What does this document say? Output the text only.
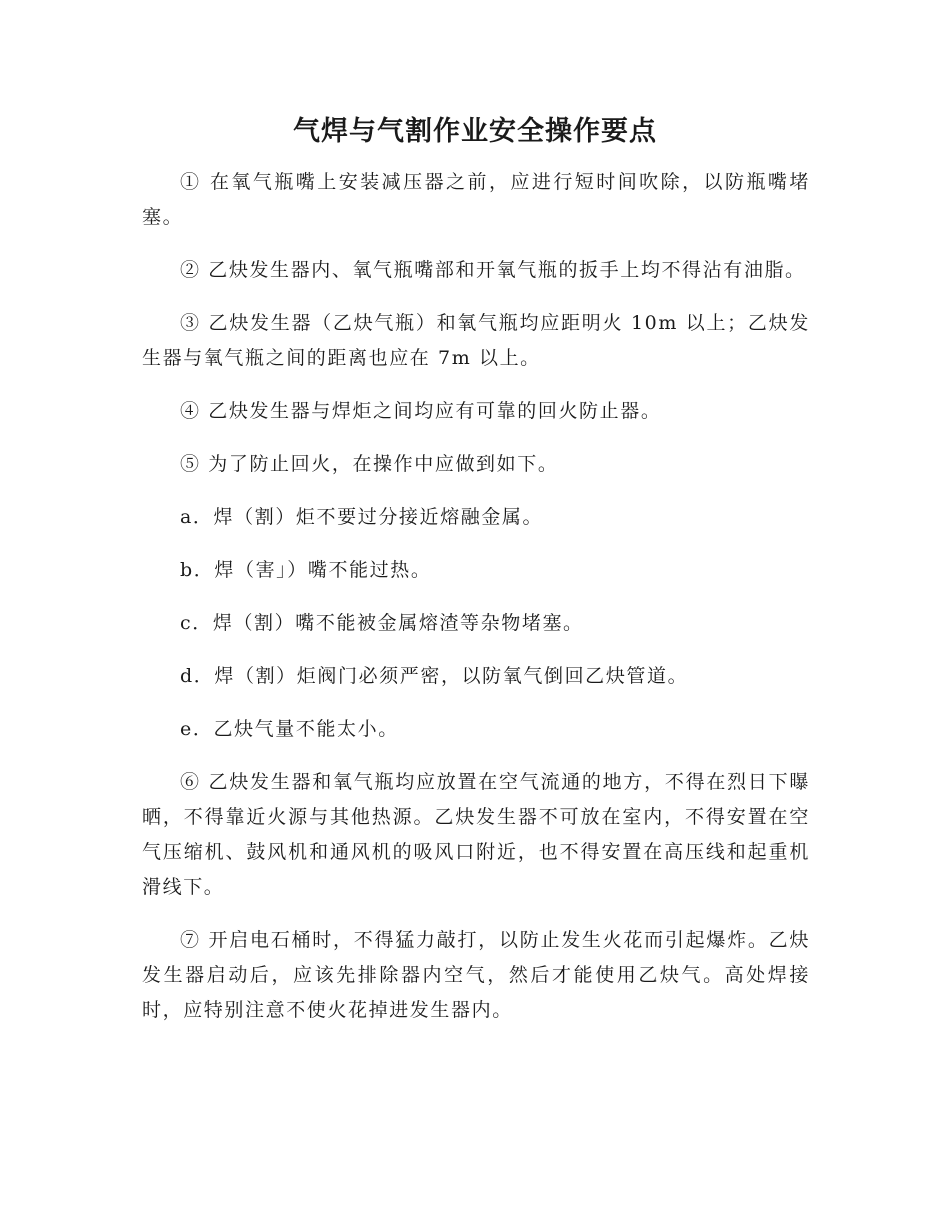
气焊与气割作业安全操作要点

① 在氧气瓶嘴上安装减压器之前，应进行短时间吹除，以防瓶嘴堵塞。

② 乙炔发生器内、氧气瓶嘴部和开氧气瓶的扳手上均不得沾有油脂。

③ 乙炔发生器（乙炔气瓶）和氧气瓶均应距明火 10m 以上；乙炔发生器与氧气瓶之间的距离也应在 7m 以上。

④ 乙炔发生器与焊炬之间均应有可靠的回火防止器。

⑤ 为了防止回火，在操作中应做到如下。

a．焊（割）炬不要过分接近熔融金属。

b．焊（害」）嘴不能过热。

c．焊（割）嘴不能被金属熔渣等杂物堵塞。

d．焊（割）炬阀门必须严密，以防氧气倒回乙炔管道。

e．乙炔气量不能太小。

⑥ 乙炔发生器和氧气瓶均应放置在空气流通的地方，不得在烈日下曝晒，不得靠近火源与其他热源。乙炔发生器不可放在室内，不得安置在空气压缩机、鼓风机和通风机的吸风口附近，也不得安置在高压线和起重机滑线下。

⑦ 开启电石桶时，不得猛力敲打，以防止发生火花而引起爆炸。乙炔发生器启动后，应该先排除器内空气，然后才能使用乙炔气。高处焊接时，应特别注意不使火花掉进发生器内。
